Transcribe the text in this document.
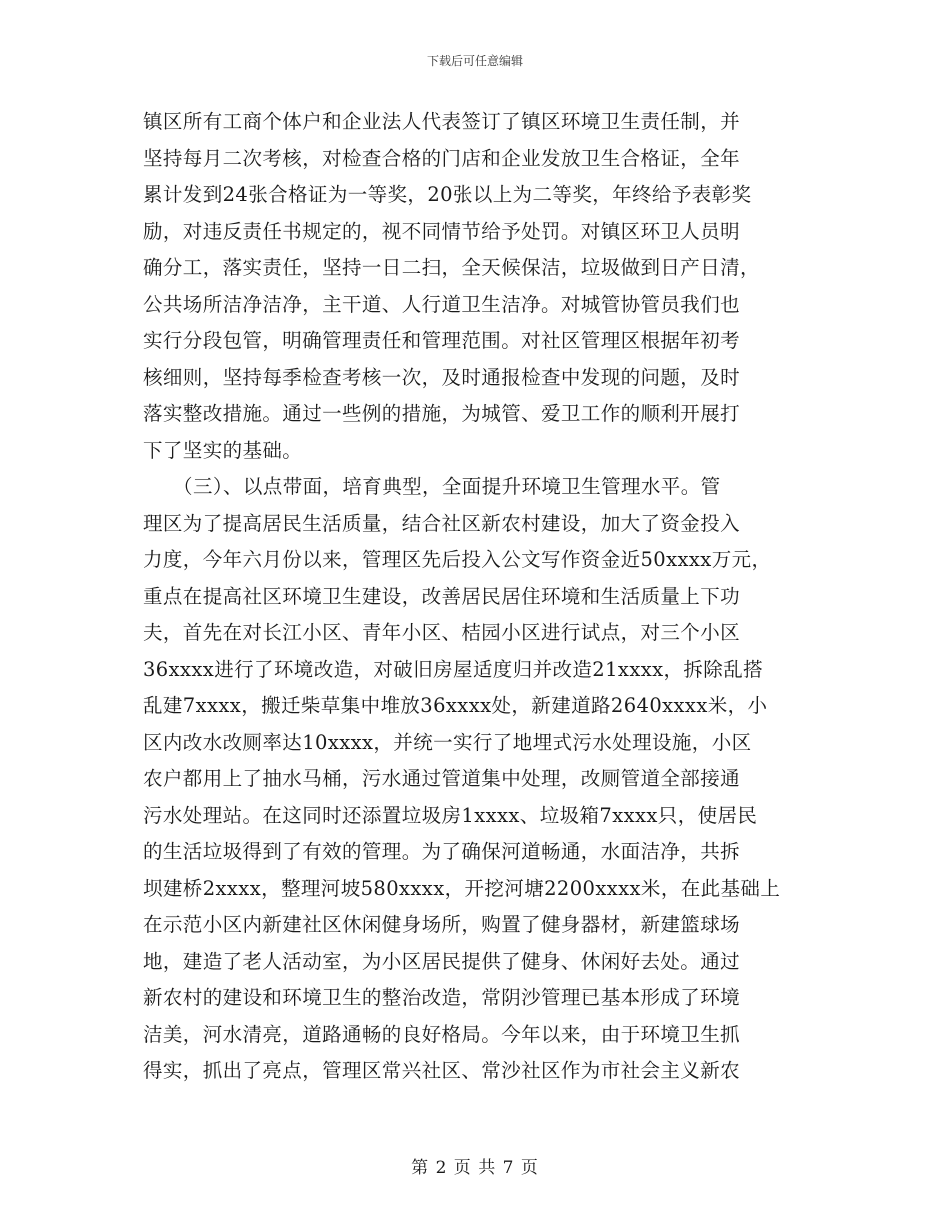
下载后可任意编辑
镇区所有工商个体户和企业法人代表签订了镇区环境卫生责任制，并
坚持每月二次考核，对检查合格的门店和企业发放卫生合格证，全年
累计发到24张合格证为一等奖，20张以上为二等奖，年终给予表彰奖
励，对违反责任书规定的，视不同情节给予处罚。对镇区环卫人员明
确分工，落实责任，坚持一日二扫，全天候保洁，垃圾做到日产日清，
公共场所洁净洁净，主干道、人行道卫生洁净。对城管协管员我们也
实行分段包管，明确管理责任和管理范围。对社区管理区根据年初考
核细则，坚持每季检查考核一次，及时通报检查中发现的问题，及时
落实整改措施。通过一些例的措施，为城管、爱卫工作的顺利开展打
下了坚实的基础。
　　（三）、以点带面，培育典型，全面提升环境卫生管理水平。管
理区为了提高居民生活质量，结合社区新农村建设，加大了资金投入
力度，今年六月份以来，管理区先后投入公文写作资金近50xxxx万元，
重点在提高社区环境卫生建设，改善居民居住环境和生活质量上下功
夫，首先在对长江小区、青年小区、桔园小区进行试点，对三个小区
36xxxx进行了环境改造，对破旧房屋适度归并改造21xxxx，拆除乱搭
乱建7xxxx，搬迁柴草集中堆放36xxxx处，新建道路2640xxxx米，小
区内改水改厕率达10xxxx，并统一实行了地埋式污水处理设施，小区
农户都用上了抽水马桶，污水通过管道集中处理，改厕管道全部接通
污水处理站。在这同时还添置垃圾房1xxxx、垃圾箱7xxxx只，使居民
的生活垃圾得到了有效的管理。为了确保河道畅通，水面洁净，共拆
坝建桥2xxxx，整理河坡580xxxx，开挖河塘2200xxxx米，在此基础上
在示范小区内新建社区休闲健身场所，购置了健身器材，新建篮球场
地，建造了老人活动室，为小区居民提供了健身、休闲好去处。通过
新农村的建设和环境卫生的整治改造，常阴沙管理已基本形成了环境
洁美，河水清亮，道路通畅的良好格局。今年以来，由于环境卫生抓
得实，抓出了亮点，管理区常兴社区、常沙社区作为市社会主义新农
第 2 页 共 7 页
